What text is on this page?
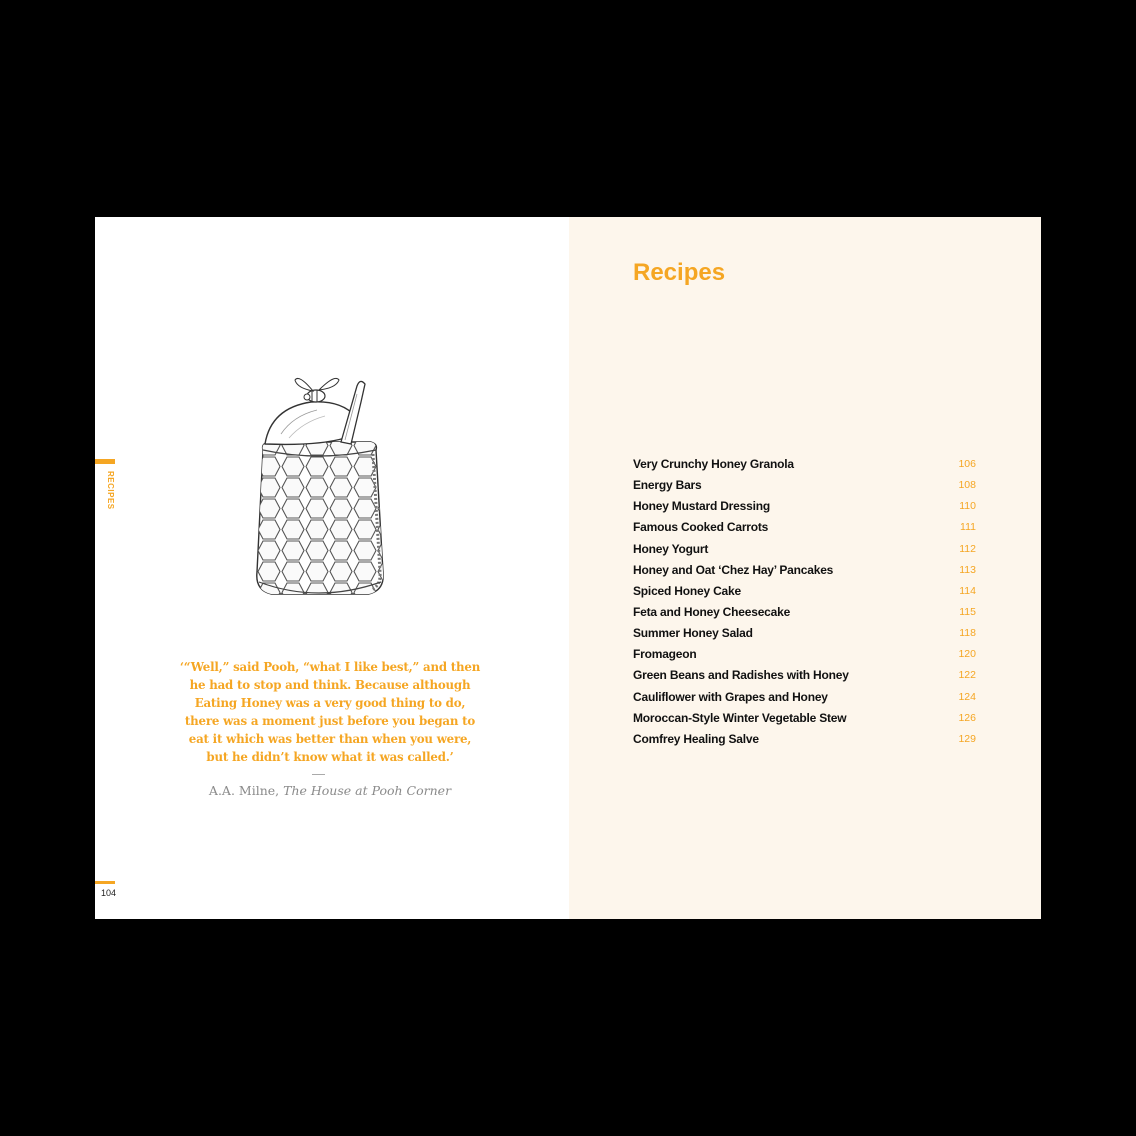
RECIPES
‘“Well,” said Pooh, “what I like best,” and then
he had to stop and think. Because although
Eating Honey was a very good thing to do,
there was a moment just before you began to
eat it which was better than when you were,
but he didn’t know what it was called.’
A.A. Milne, The House at Pooh Corner
104
Recipes
Very Crunchy Honey Granola	106
Energy Bars	108
Honey Mustard Dressing	110
Famous Cooked Carrots	111
Honey Yogurt	112
Honey and Oat ‘Chez Hay’ Pancakes	113
Spiced Honey Cake	114
Feta and Honey Cheesecake	115
Summer Honey Salad	118
Fromageon	120
Green Beans and Radishes with Honey	122
Cauliflower with Grapes and Honey	124
Moroccan-Style Winter Vegetable Stew	126
Comfrey Healing Salve	129
